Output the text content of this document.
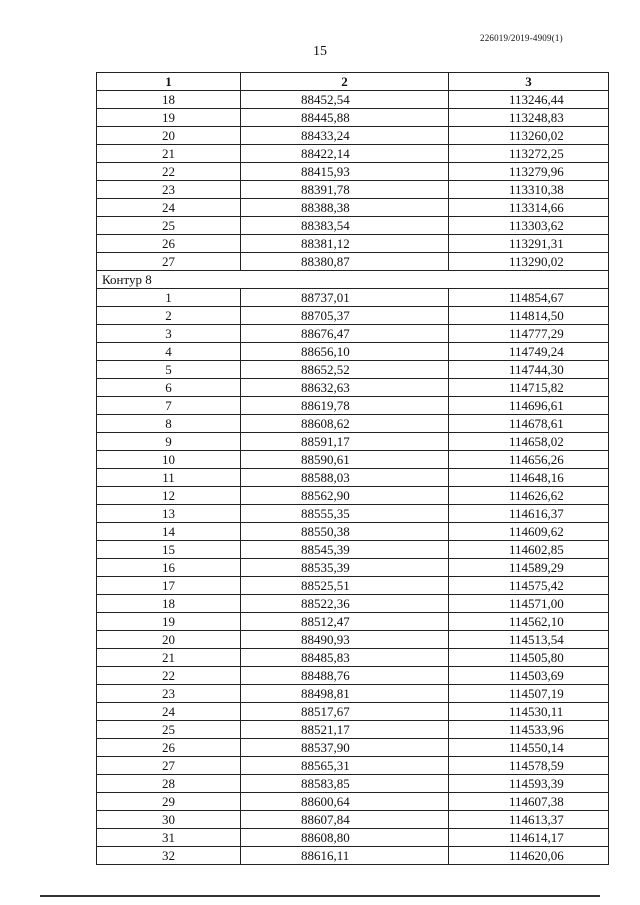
226019/2019-4909(1)
15
1	2	3
18	88452,54	113246,44
19	88445,88	113248,83
20	88433,24	113260,02
21	88422,14	113272,25
22	88415,93	113279,96
23	88391,78	113310,38
24	88388,38	113314,66
25	88383,54	113303,62
26	88381,12	113291,31
27	88380,87	113290,02
Контур 8		
1	88737,01	114854,67
2	88705,37	114814,50
3	88676,47	114777,29
4	88656,10	114749,24
5	88652,52	114744,30
6	88632,63	114715,82
7	88619,78	114696,61
8	88608,62	114678,61
9	88591,17	114658,02
10	88590,61	114656,26
11	88588,03	114648,16
12	88562,90	114626,62
13	88555,35	114616,37
14	88550,38	114609,62
15	88545,39	114602,85
16	88535,39	114589,29
17	88525,51	114575,42
18	88522,36	114571,00
19	88512,47	114562,10
20	88490,93	114513,54
21	88485,83	114505,80
22	88488,76	114503,69
23	88498,81	114507,19
24	88517,67	114530,11
25	88521,17	114533,96
26	88537,90	114550,14
27	88565,31	114578,59
28	88583,85	114593,39
29	88600,64	114607,38
30	88607,84	114613,37
31	88608,80	114614,17
32	88616,11	114620,06
